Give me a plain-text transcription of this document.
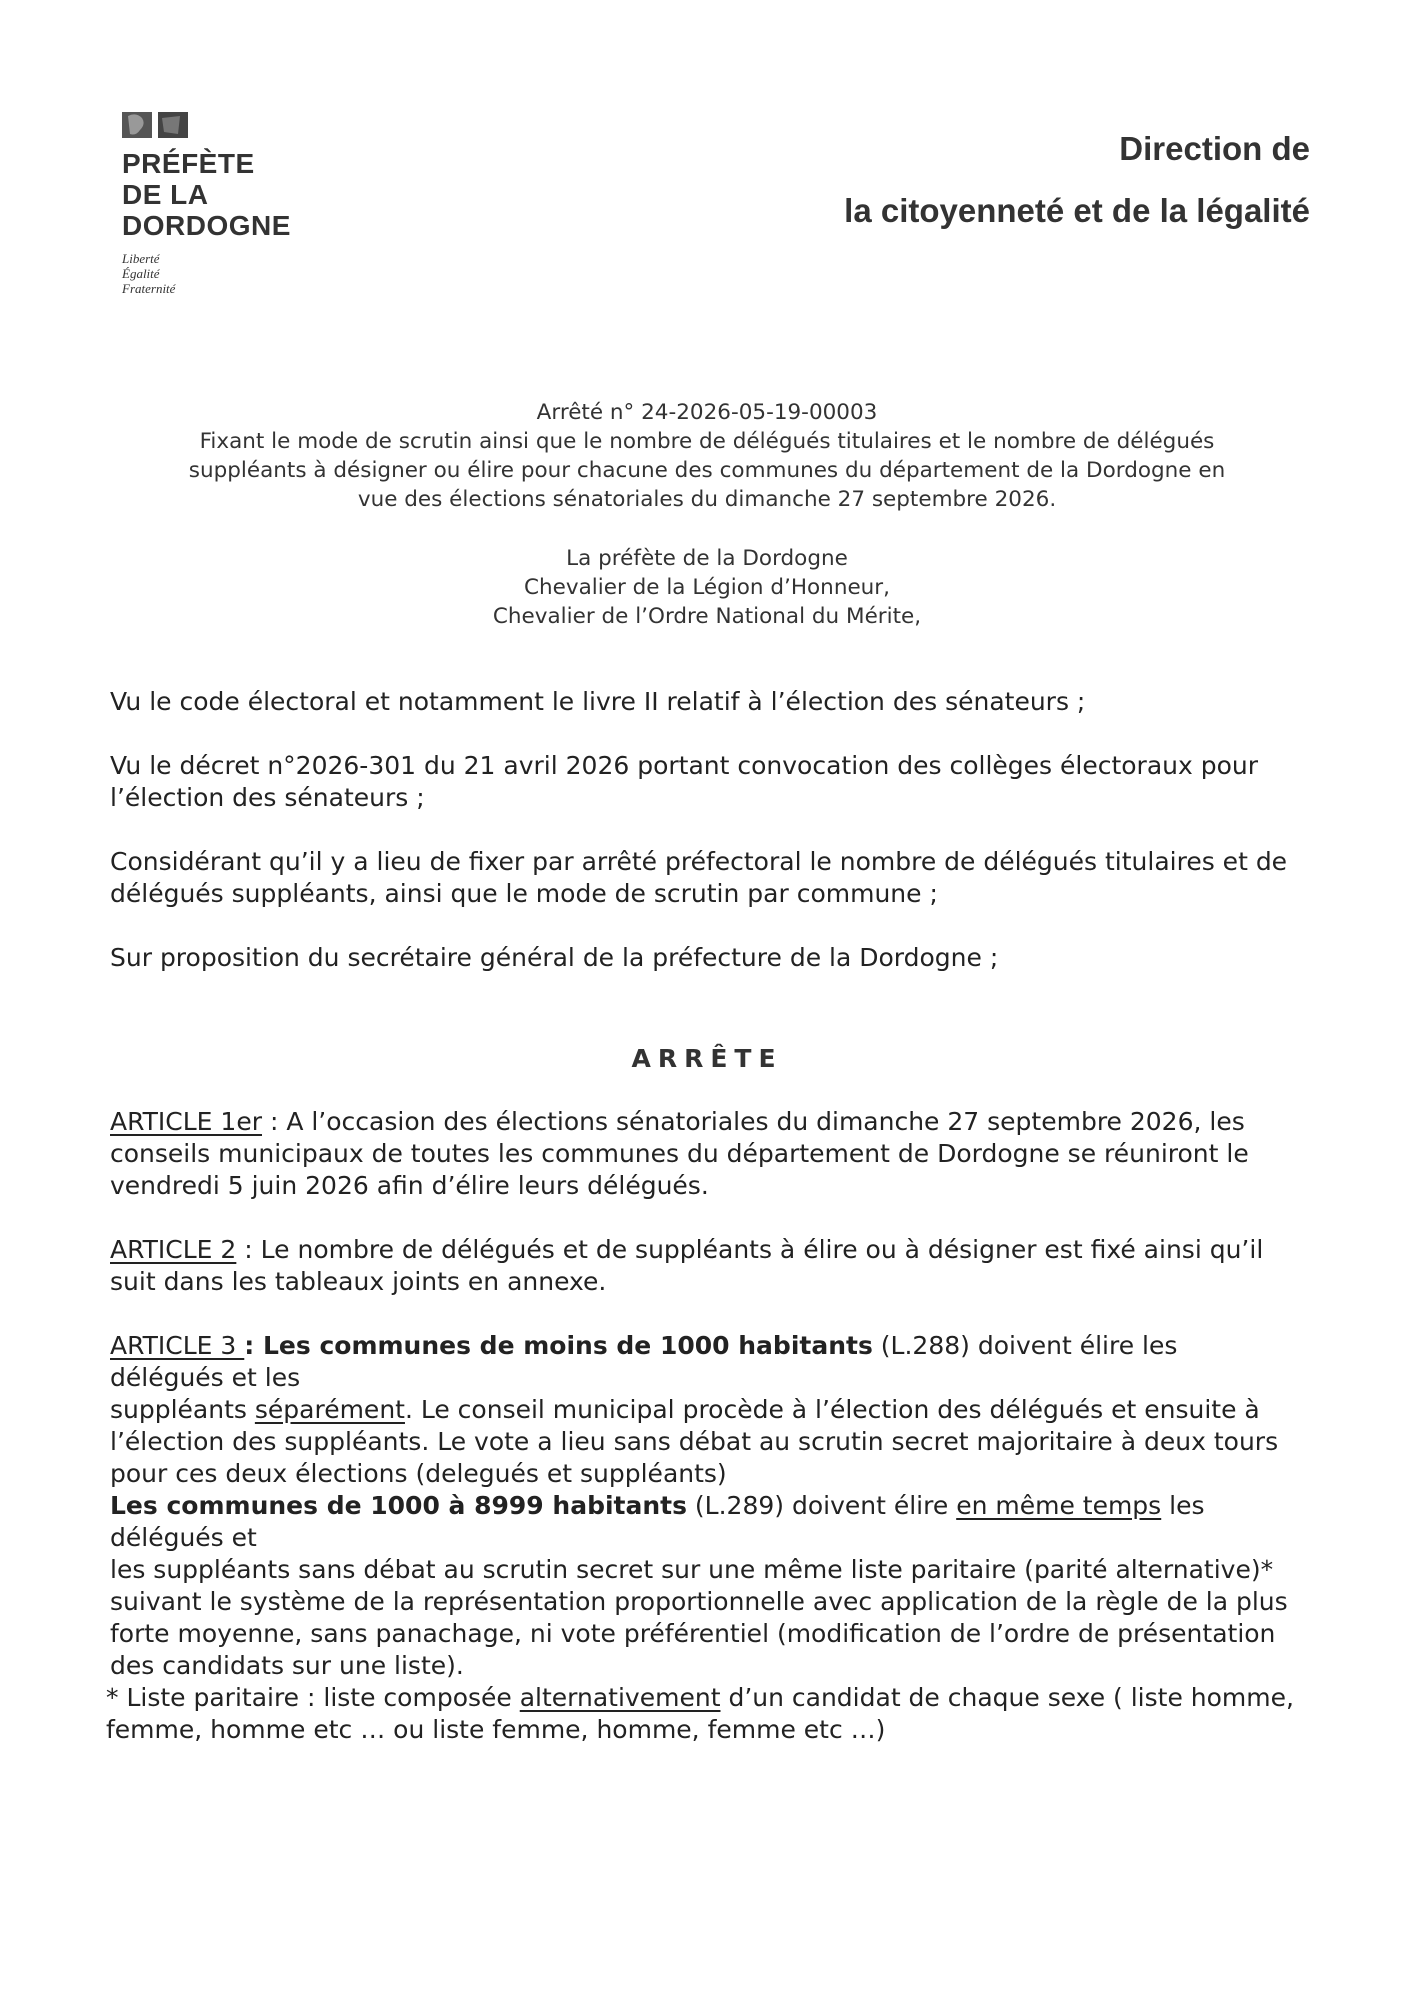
PRÉFÈTE
DE LA
DORDOGNE
Liberté
Égalité
Fraternité
Direction de
la citoyenneté et de la légalité
Arrêté n° 24-2026-05-19-00003
Fixant le mode de scrutin ainsi que le nombre de délégués titulaires et le nombre de délégués
suppléants à désigner ou élire pour chacune des communes du département de la Dordogne en
vue des élections sénatoriales du dimanche 27 septembre 2026.
La préfète de la Dordogne
Chevalier de la Légion d’Honneur,
Chevalier de l’Ordre National du Mérite,

Vu le code électoral et notamment le livre II relatif à l’élection des sénateurs ;

Vu le décret n°2026-301 du 21 avril 2026 portant convocation des collèges électoraux pour

l’élection des sénateurs ;

Considérant qu’il y a lieu de fixer par arrêté préfectoral le nombre de délégués titulaires et de

délégués suppléants, ainsi que le mode de scrutin par commune ;

Sur proposition du secrétaire général de la préfecture de la Dordogne ;

ARRÊTE

ARTICLE 1er : A l’occasion des élections sénatoriales du dimanche 27 septembre 2026, les

conseils municipaux de toutes les communes du département de Dordogne se réuniront le

vendredi 5 juin 2026 afin d’élire leurs délégués.

ARTICLE 2 : Le nombre de délégués et de suppléants à élire ou à désigner est fixé ainsi qu’il

suit dans les tableaux joints en annexe.

ARTICLE 3 : Les communes de moins de 1000 habitants (L.288) doivent élire les délégués et les

suppléants séparément. Le conseil municipal procède à l’élection des délégués et ensuite à

l’élection des suppléants. Le vote a lieu sans débat au scrutin secret majoritaire à deux tours

pour ces deux élections (delegués et suppléants)

Les communes de 1000 à 8999 habitants (L.289) doivent élire en même temps les délégués et

les suppléants sans débat au scrutin secret sur une même liste paritaire (parité alternative)*

suivant le système de la représentation proportionnelle avec application de la règle de la plus

forte moyenne, sans panachage, ni vote préférentiel (modification de l’ordre de présentation

des candidats sur une liste).

* Liste paritaire : liste composée alternativement d’un candidat de chaque sexe ( liste homme,

femme, homme etc … ou liste femme, homme, femme etc …)
